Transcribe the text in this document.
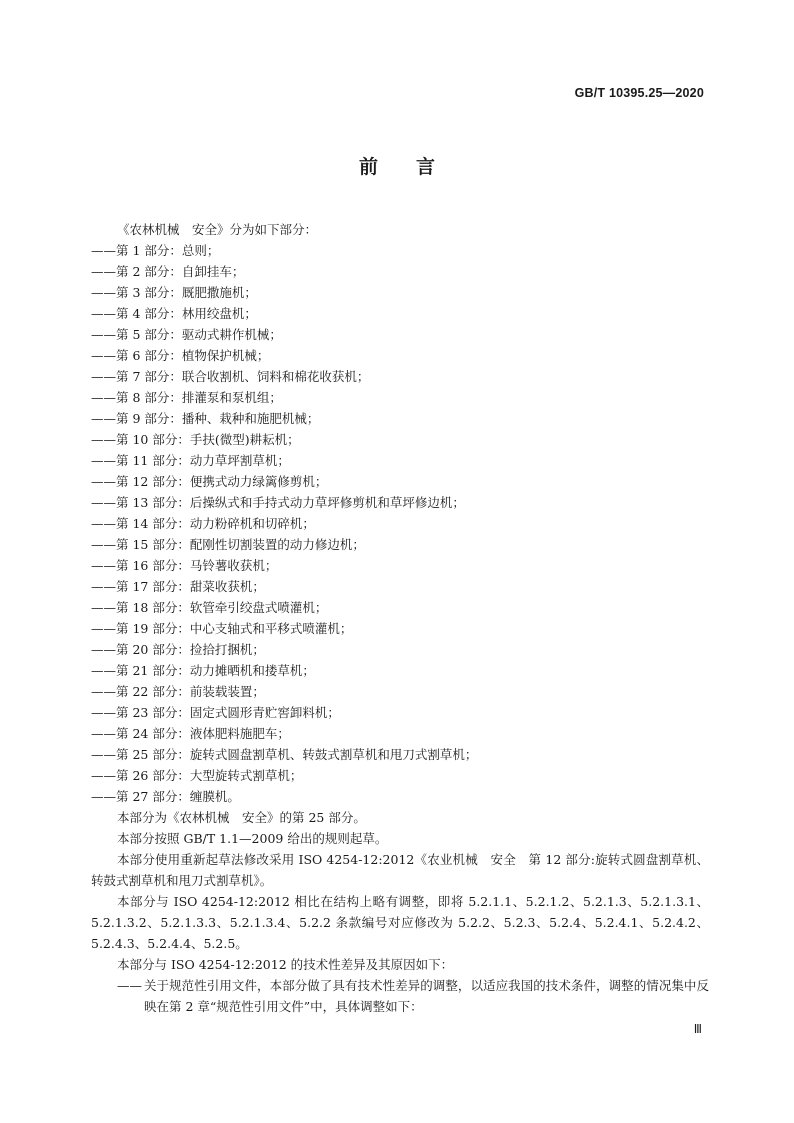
GB/T 10395.25—2020
前 言
《农林机械　安全》分为如下部分：
——第 1 部分：总则；
——第 2 部分：自卸挂车；
——第 3 部分：厩肥撒施机；
——第 4 部分：林用绞盘机；
——第 5 部分：驱动式耕作机械；
——第 6 部分：植物保护机械；
——第 7 部分：联合收割机、饲料和棉花收获机；
——第 8 部分：排灌泵和泵机组；
——第 9 部分：播种、栽种和施肥机械；
——第 10 部分：手扶(微型)耕耘机；
——第 11 部分：动力草坪割草机；
——第 12 部分：便携式动力绿篱修剪机；
——第 13 部分：后操纵式和手持式动力草坪修剪机和草坪修边机；
——第 14 部分：动力粉碎机和切碎机；
——第 15 部分：配刚性切割装置的动力修边机；
——第 16 部分：马铃薯收获机；
——第 17 部分：甜菜收获机；
——第 18 部分：软管牵引绞盘式喷灌机；
——第 19 部分：中心支轴式和平移式喷灌机；
——第 20 部分：捡拾打捆机；
——第 21 部分：动力摊晒机和搂草机；
——第 22 部分：前装载装置；
——第 23 部分：固定式圆形青贮窖卸料机；
——第 24 部分：液体肥料施肥车；
——第 25 部分：旋转式圆盘割草机、转鼓式割草机和甩刀式割草机；
——第 26 部分：大型旋转式割草机；
——第 27 部分：缠膜机。
本部分为《农林机械　安全》的第 25 部分。
本部分按照 GB/T 1.1—2009 给出的规则起草。
本部分使用重新起草法修改采用 ISO 4254-12:2012《农业机械　安全　第 12 部分:旋转式圆盘割草机、转鼓式割草机和甩刀式割草机》。
本部分与 ISO 4254-12:2012 相比在结构上略有调整，即将 5.2.1.1、5.2.1.2、5.2.1.3、5.2.1.3.1、5.2.1.3.2、5.2.1.3.3、5.2.1.3.4、5.2.2 条款编号对应修改为 5.2.2、5.2.3、5.2.4、5.2.4.1、5.2.4.2、5.2.4.3、5.2.4.4、5.2.5。
本部分与 ISO 4254-12:2012 的技术性差异及其原因如下：
—— 关于规范性引用文件，本部分做了具有技术性差异的调整，以适应我国的技术条件，调整的情况集中反映在第 2 章“规范性引用文件”中，具体调整如下：
Ⅲ
